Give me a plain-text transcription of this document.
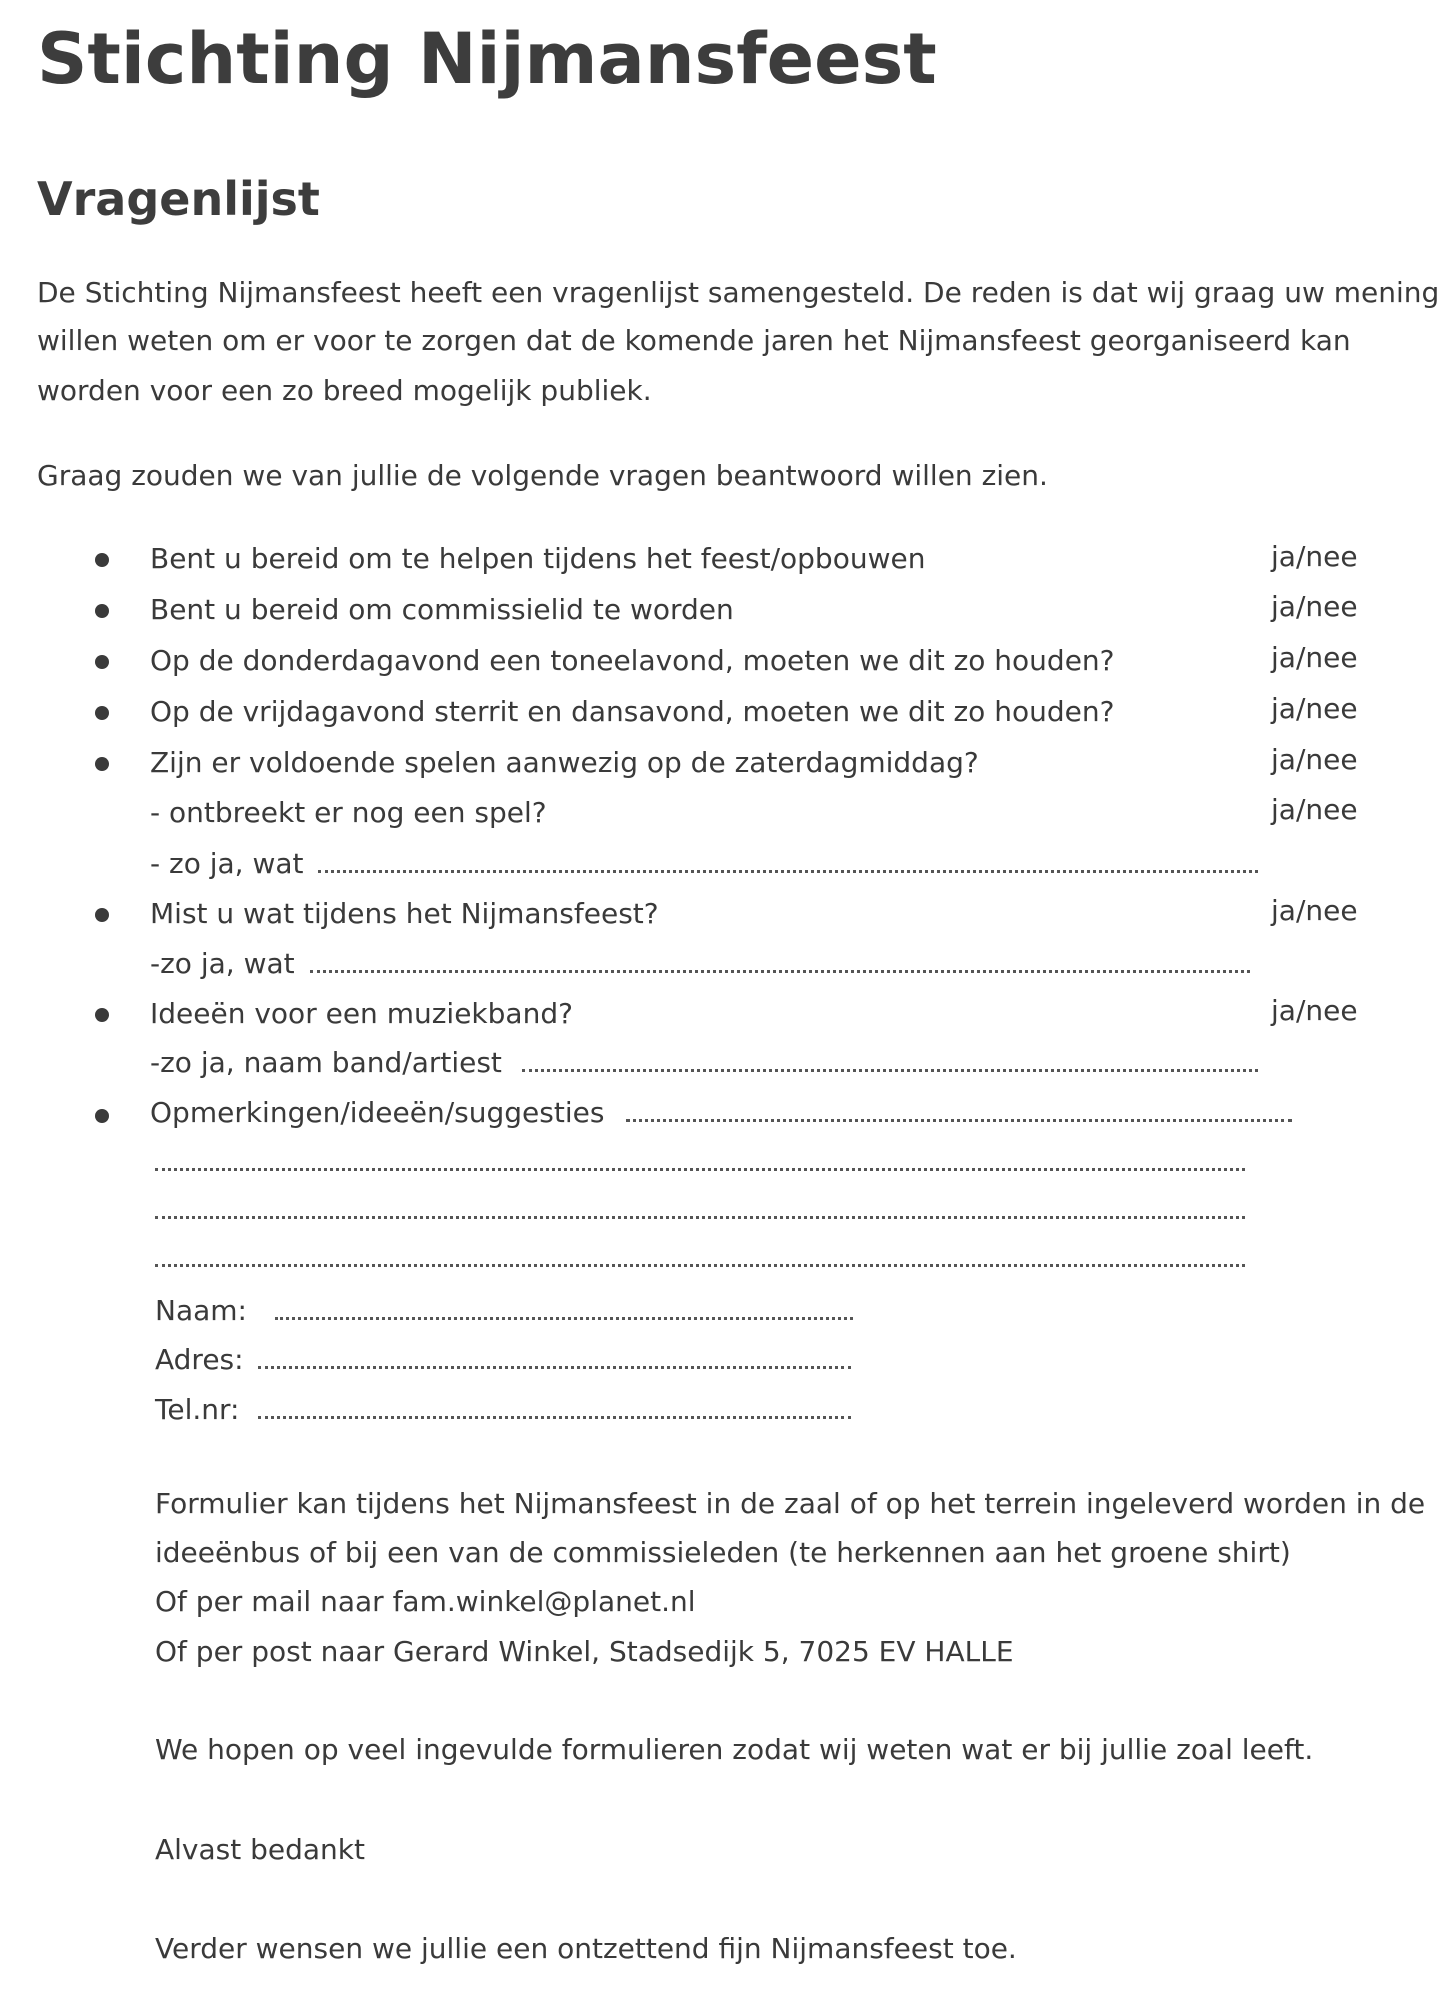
Stichting Nijmansfeest
Vragenlijst
De Stichting Nijmansfeest heeft een vragenlijst samengesteld. De reden is dat wij graag uw mening
willen weten om er voor te zorgen dat de komende jaren het Nijmansfeest georganiseerd kan
worden voor een zo breed mogelijk publiek.
Graag zouden we van jullie de volgende vragen beantwoord willen zien.
Bent u bereid om te helpen tijdens het feest/opbouwen	ja/nee
Bent u bereid om commissielid te worden	ja/nee
Op de donderdagavond een toneelavond, moeten we dit zo houden?	ja/nee
Op de vrijdagavond sterrit en dansavond, moeten we dit zo houden?	ja/nee
Zijn er voldoende spelen aanwezig op de zaterdagmiddag?	ja/nee
- ontbreekt er nog een spel?	ja/nee
- zo ja, wat
Mist u wat tijdens het Nijmansfeest?	ja/nee
-zo ja, wat
Ideeën voor een muziekband?	ja/nee
-zo ja, naam band/artiest
Opmerkingen/ideeën/suggesties
Naam:
Adres:
Tel.nr:
Formulier kan tijdens het Nijmansfeest in de zaal of op het terrein ingeleverd worden in de
ideeënbus of bij een van de commissieleden (te herkennen aan het groene shirt)
Of per mail naar fam.winkel@planet.nl
Of per post naar Gerard Winkel, Stadsedijk 5, 7025 EV HALLE
We hopen op veel ingevulde formulieren zodat wij weten wat er bij jullie zoal leeft.
Alvast bedankt
Verder wensen we jullie een ontzettend fijn Nijmansfeest toe.
